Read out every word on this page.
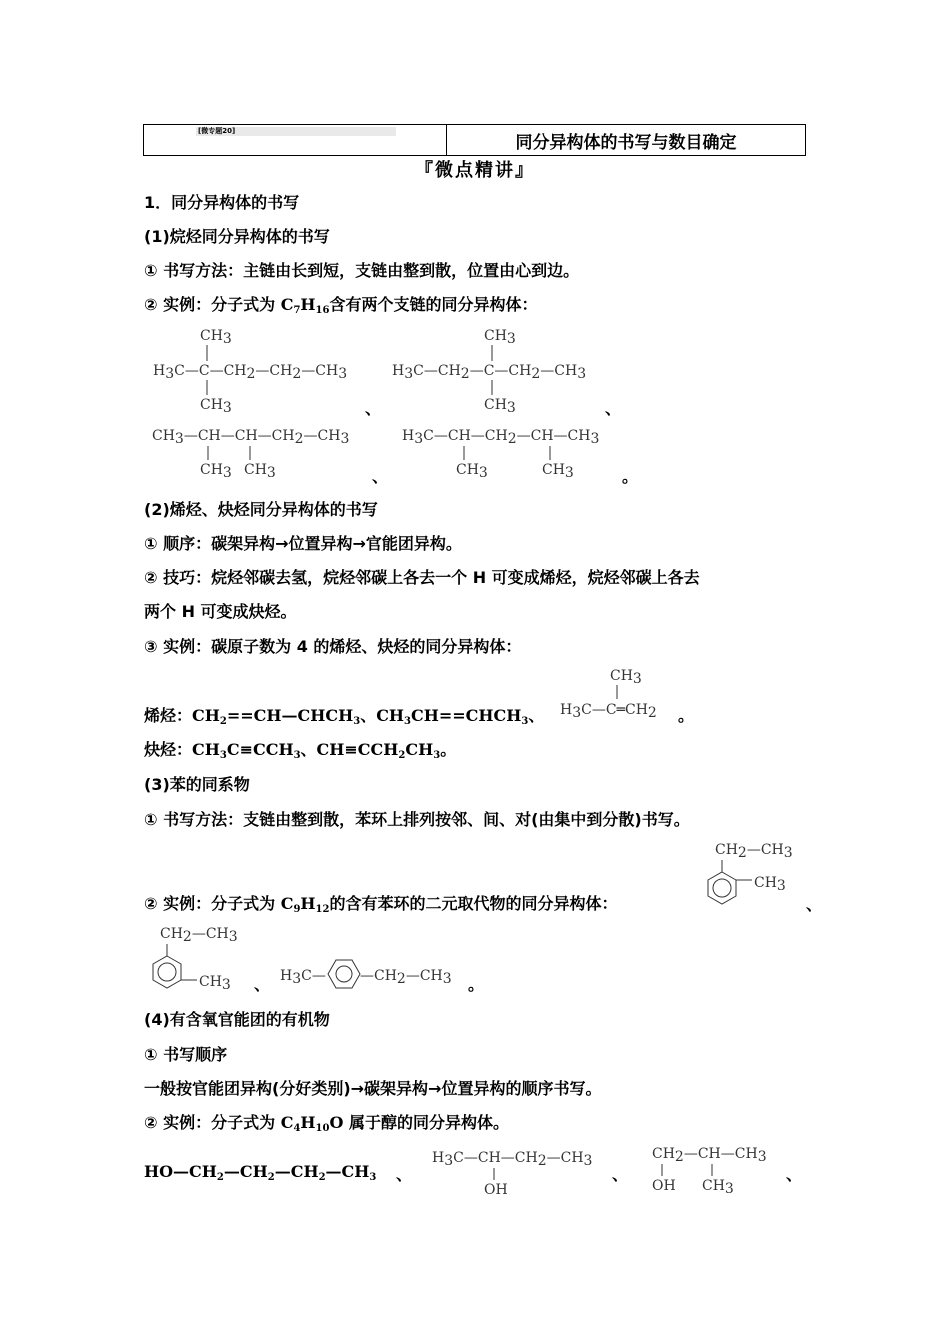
[微专题20]
同分异构体的书写与数目确定
『微点精讲』
1．同分异构体的书写
(1)烷烃同分异构体的书写
① 书写方法：主链由长到短，支链由整到散，位置由心到边。
② 实例：分子式为 $C_7H_{16}$含有两个支链的同分异构体：
CH3
H3C—C—CH2—CH2—CH3
CH3	、
CH3
H3C—CH2—C—CH2—CH3
CH3	、
CH3—CH—CH—CH2—CH3
CH3 CH3	、
H3C—CH—CH2—CH—CH3
CH3	CH3	。
(2)烯烃、炔烃同分异构体的书写
① 顺序：碳架异构→位置异构→官能团异构。
② 技巧：烷烃邻碳去氢，烷烃邻碳上各去一个 H 可变成烯烃，烷烃邻碳上各去
两个 H 可变成炔烃。
③ 实例：碳原子数为 4 的烯烃、炔烃的同分异构体：
烯烃：$CH_2==CH—CHCH_3$、$CH_3CH==CHCH_3$、
CH3
H3C—C═CH2 。
炔烃：$CH_3C\equiv CCH_3$、$CH\equiv CCH_2CH_3$。
(3)苯的同系物
① 书写方法：支链由整到散，苯环上排列按邻、间、对(由集中到分散)书写。
② 实例：分子式为 $C_9H_{12}$的含有苯环的二元取代物的同分异构体：
CH2—CH3
CH3
、
CH2—CH3
CH3 、 H3C— —CH2—CH3 。
(4)有含氧官能团的有机物
① 书写顺序
一般按官能团异构(分好类别)→碳架异构→位置异构的顺序书写。
② 实例：分子式为 $C_4H_{10}O$ 属于醇的同分异构体。
$HO—CH_2—CH_2—CH_2—CH_3$ 、
H3C—CH—CH2—CH3
OH
、
CH2—CH—CH3
OH CH3
、
